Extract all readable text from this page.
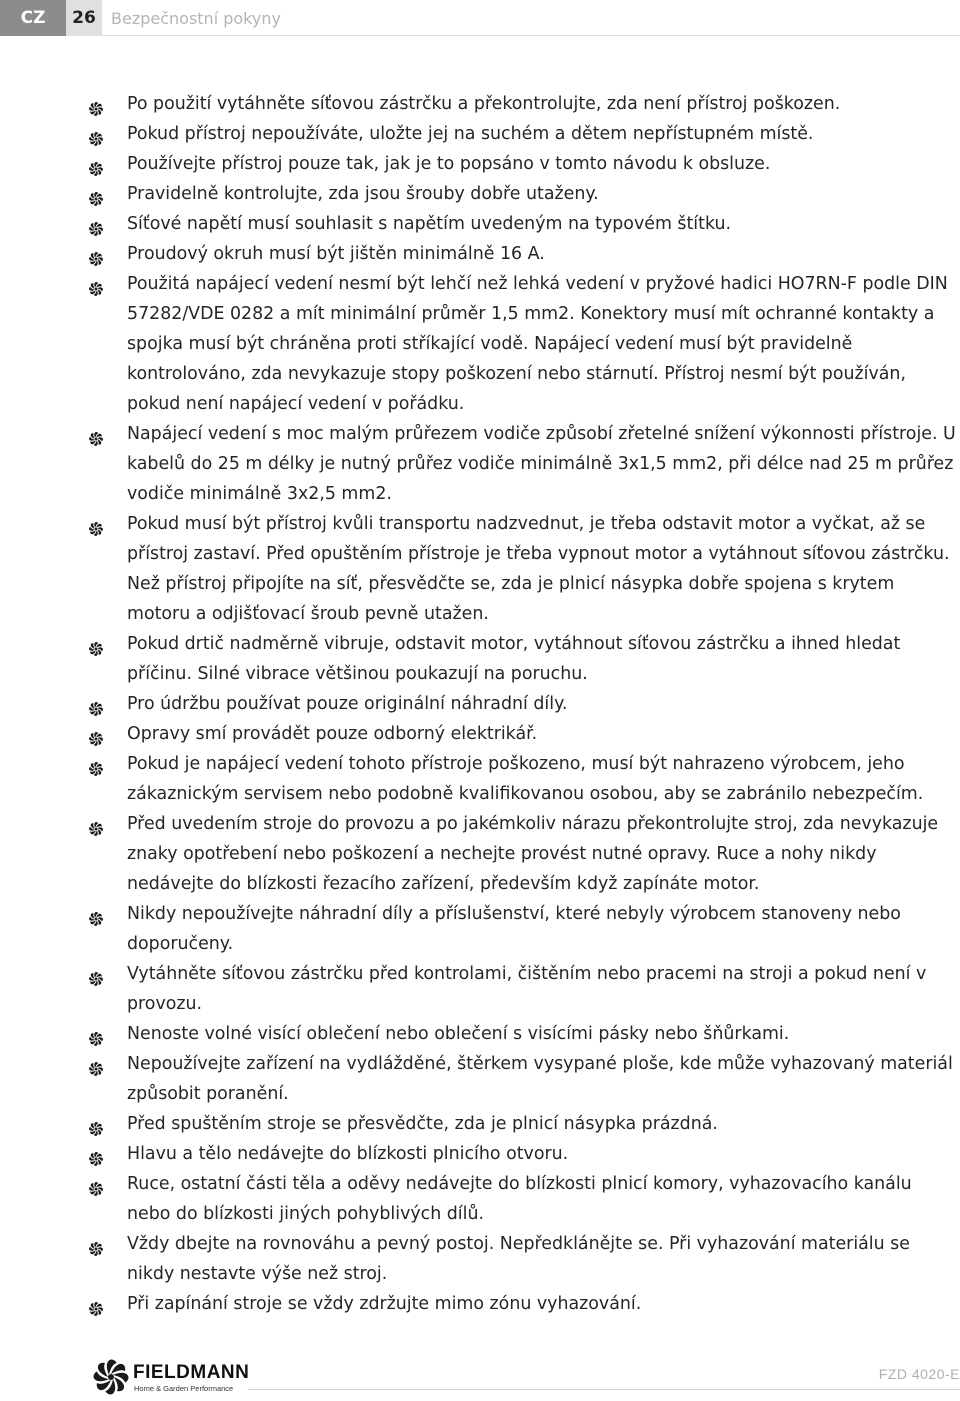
CZ	26 Bezpečnostní pokyny
Po použití vytáhněte síťovou zástrčku a překontrolujte, zda není přístroj poškozen.
Pokud přístroj nepoužíváte, uložte jej na suchém a dětem nepřístupném místě.
Používejte přístroj pouze tak, jak je to popsáno v tomto návodu k obsluze.
Pravidelně kontrolujte, zda jsou šrouby dobře utaženy.
Síťové napětí musí souhlasit s napětím uvedeným na typovém štítku.
Proudový okruh musí být jištěn minimálně 16 A.
Použitá napájecí vedení nesmí být lehčí než lehká vedení v pryžové hadici HO7RN-F podle DIN 57282/VDE 0282 a mít minimální průměr 1,5 mm2. Konektory musí mít ochranné kontakty a spojka musí být chráněna proti stříkající vodě. Napájecí vedení musí být pravidelně kontrolováno, zda nevykazuje stopy poškození nebo stárnutí. Přístroj nesmí být používán, pokud není napájecí vedení v pořádku.
Napájecí vedení s moc malým průřezem vodiče způsobí zřetelné snížení výkonnosti přístroje. U kabelů do 25 m délky je nutný průřez vodiče minimálně 3x1,5 mm2, při délce nad 25 m průřez vodiče minimálně 3x2,5 mm2.
Pokud musí být přístroj kvůli transportu nadzvednut, je třeba odstavit motor a vyčkat, až se přístroj zastaví. Před opuštěním přístroje je třeba vypnout motor a vytáhnout síťovou zástrčku. Než přístroj připojíte na síť, přesvědčte se, zda je plnicí násypka dobře spojena s krytem motoru a odjišťovací šroub pevně utažen.
Pokud drtič nadměrně vibruje, odstavit motor, vytáhnout síťovou zástrčku a ihned hledat příčinu. Silné vibrace většinou poukazují na poruchu.
Pro údržbu používat pouze originální náhradní díly.
Opravy smí provádět pouze odborný elektrikář.
Pokud je napájecí vedení tohoto přístroje poškozeno, musí být nahrazeno výrobcem, jeho zákaznickým servisem nebo podobně kvalifikovanou osobou, aby se zabránilo nebezpečím.
Před uvedením stroje do provozu a po jakémkoliv nárazu překontrolujte stroj, zda nevykazuje znaky opotřebení nebo poškození a nechejte provést nutné opravy. Ruce a nohy nikdy nedávejte do blízkosti řezacího zařízení, především když zapínáte motor.
Nikdy nepoužívejte náhradní díly a příslušenství, které nebyly výrobcem stanoveny nebo doporučeny.
Vytáhněte síťovou zástrčku před kontrolami, čištěním nebo pracemi na stroji a pokud není v provozu.
Nenoste volné visící oblečení nebo oblečení s visícími pásky nebo šňůrkami.
Nepoužívejte zařízení na vydlážděné, štěrkem vysypané ploše, kde může vyhazovaný materiál způsobit poranění.
Před spuštěním stroje se přesvědčte, zda je plnicí násypka prázdná.
Hlavu a tělo nedávejte do blízkosti plnicího otvoru.
Ruce, ostatní části těla a oděvy nedávejte do blízkosti plnicí komory, vyhazovacího kanálu nebo do blízkosti jiných pohyblivých dílů.
Vždy dbejte na rovnováhu a pevný postoj. Nepředklánějte se. Při vyhazování materiálu se nikdy nestavte výše než stroj.
Při zapínání stroje se vždy zdržujte mimo zónu vyhazování.
FIELDMANN
Home & Garden Performance
FZD 4020-E
